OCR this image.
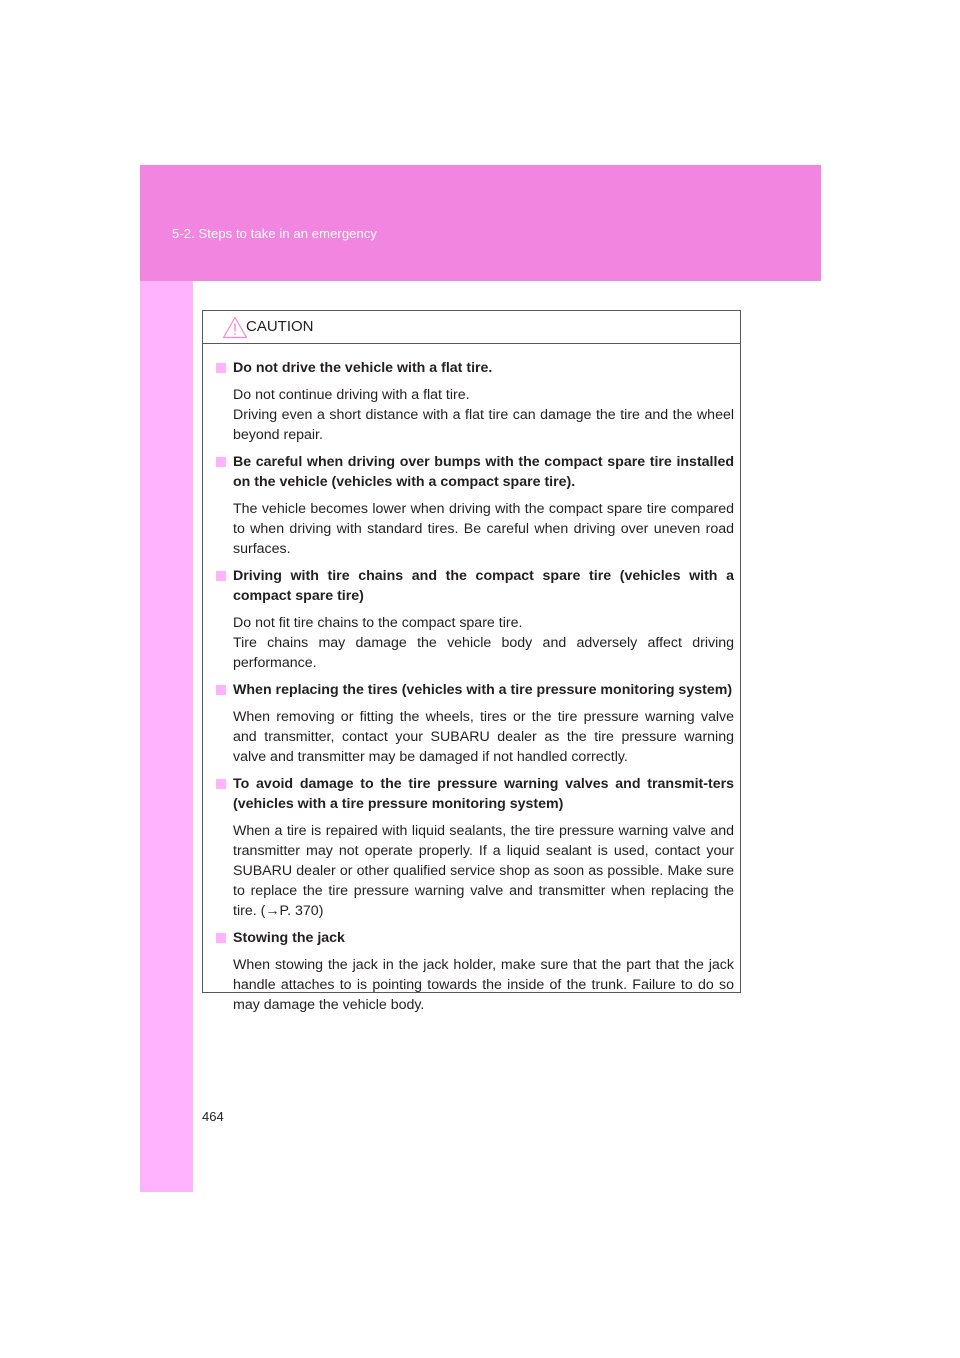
5-2. Steps to take in an emergency
CAUTION
Do not drive the vehicle with a flat tire.

Do not continue driving with a flat tire.

Driving even a short distance with a flat tire can damage the tire and the wheel beyond repair.

Be careful when driving over bumps with the compact spare tire installed on the vehicle (vehicles with a compact spare tire).

The vehicle becomes lower when driving with the compact spare tire compared to when driving with standard tires. Be careful when driving over uneven road surfaces.

Driving with tire chains and the compact spare tire (vehicles with a compact spare tire)

Do not fit tire chains to the compact spare tire.

Tire chains may damage the vehicle body and adversely affect driving performance.

When replacing the tires (vehicles with a tire pressure monitoring system)

When removing or fitting the wheels, tires or the tire pressure warning valve and transmitter, contact your SUBARU dealer as the tire pressure warning valve and transmitter may be damaged if not handled correctly.

To avoid damage to the tire pressure warning valves and transmit-ters (vehicles with a tire pressure monitoring system)

When a tire is repaired with liquid sealants, the tire pressure warning valve and transmitter may not operate properly. If a liquid sealant is used, contact your SUBARU dealer or other qualified service shop as soon as possible. Make sure to replace the tire pressure warning valve and transmitter when replacing the tire. (→P. 370)

Stowing the jack

When stowing the jack in the jack holder, make sure that the part that the jack handle attaches to is pointing towards the inside of the trunk. Failure to do so may damage the vehicle body.

464
